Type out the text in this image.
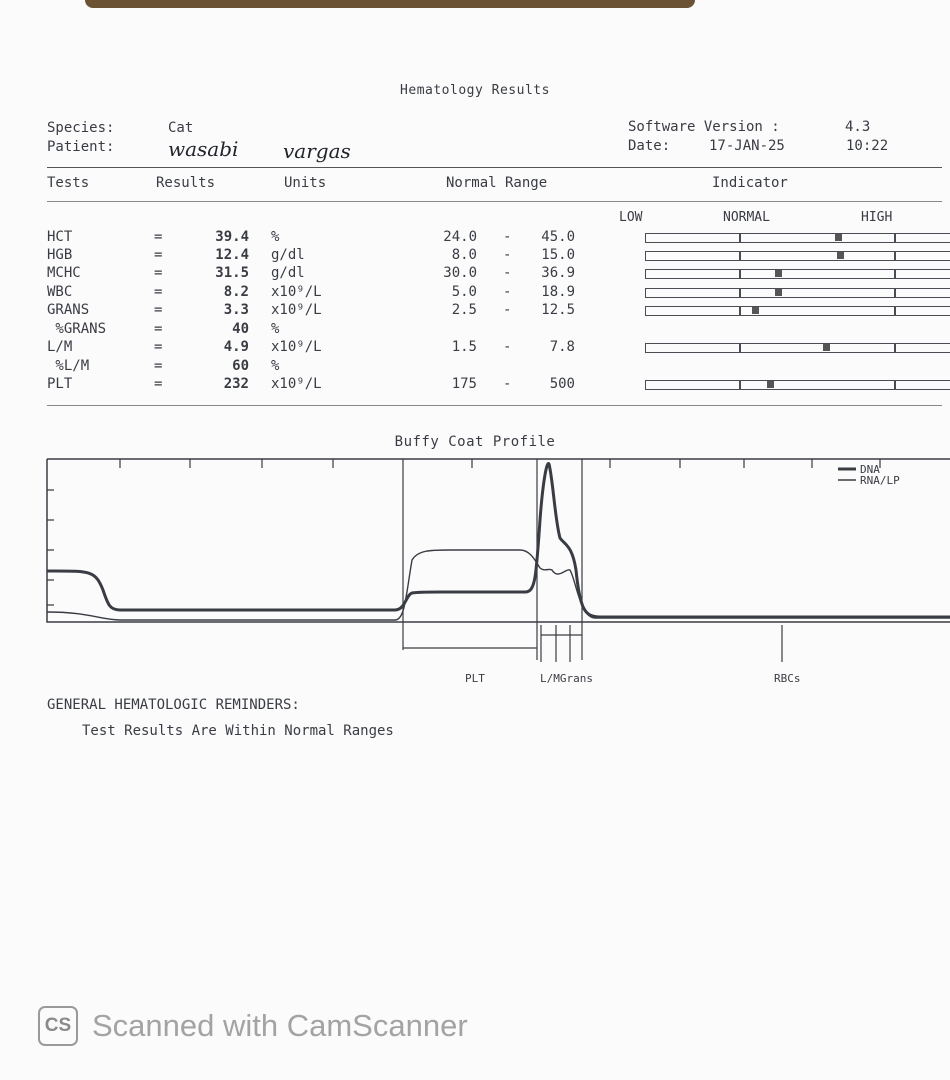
Hematology Results
Species:	Cat
Patient:	wasabi vargas
Software Version :	4.3
Date:	17-JAN-25	10:22
Tests	Results	Units	Normal Range	Indicator
LOW	NORMAL	HIGH
HCT	=	39.4 %	24.0 -	45.0
HGB	=	12.4 g/dl	8.0 -	15.0
MCHC	=	31.5 g/dl	30.0 -	36.9
WBC	=	8.2 x10⁹/L	5.0 -	18.9
GRANS	=	3.3 x10⁹/L	2.5 -	12.5
%GRANS	=	40 %
L/M	=	4.9 x10⁹/L	1.5 -	7.8
%L/M	=	60 %
PLT	=	232 x10⁹/L	175 -	500
Buffy Coat Profile
DNA
RNA/LP
PLT	L/MGrans	RBCs
GENERAL HEMATOLOGIC REMINDERS:
Test Results Are Within Normal Ranges
CS Scanned with CamScanner
